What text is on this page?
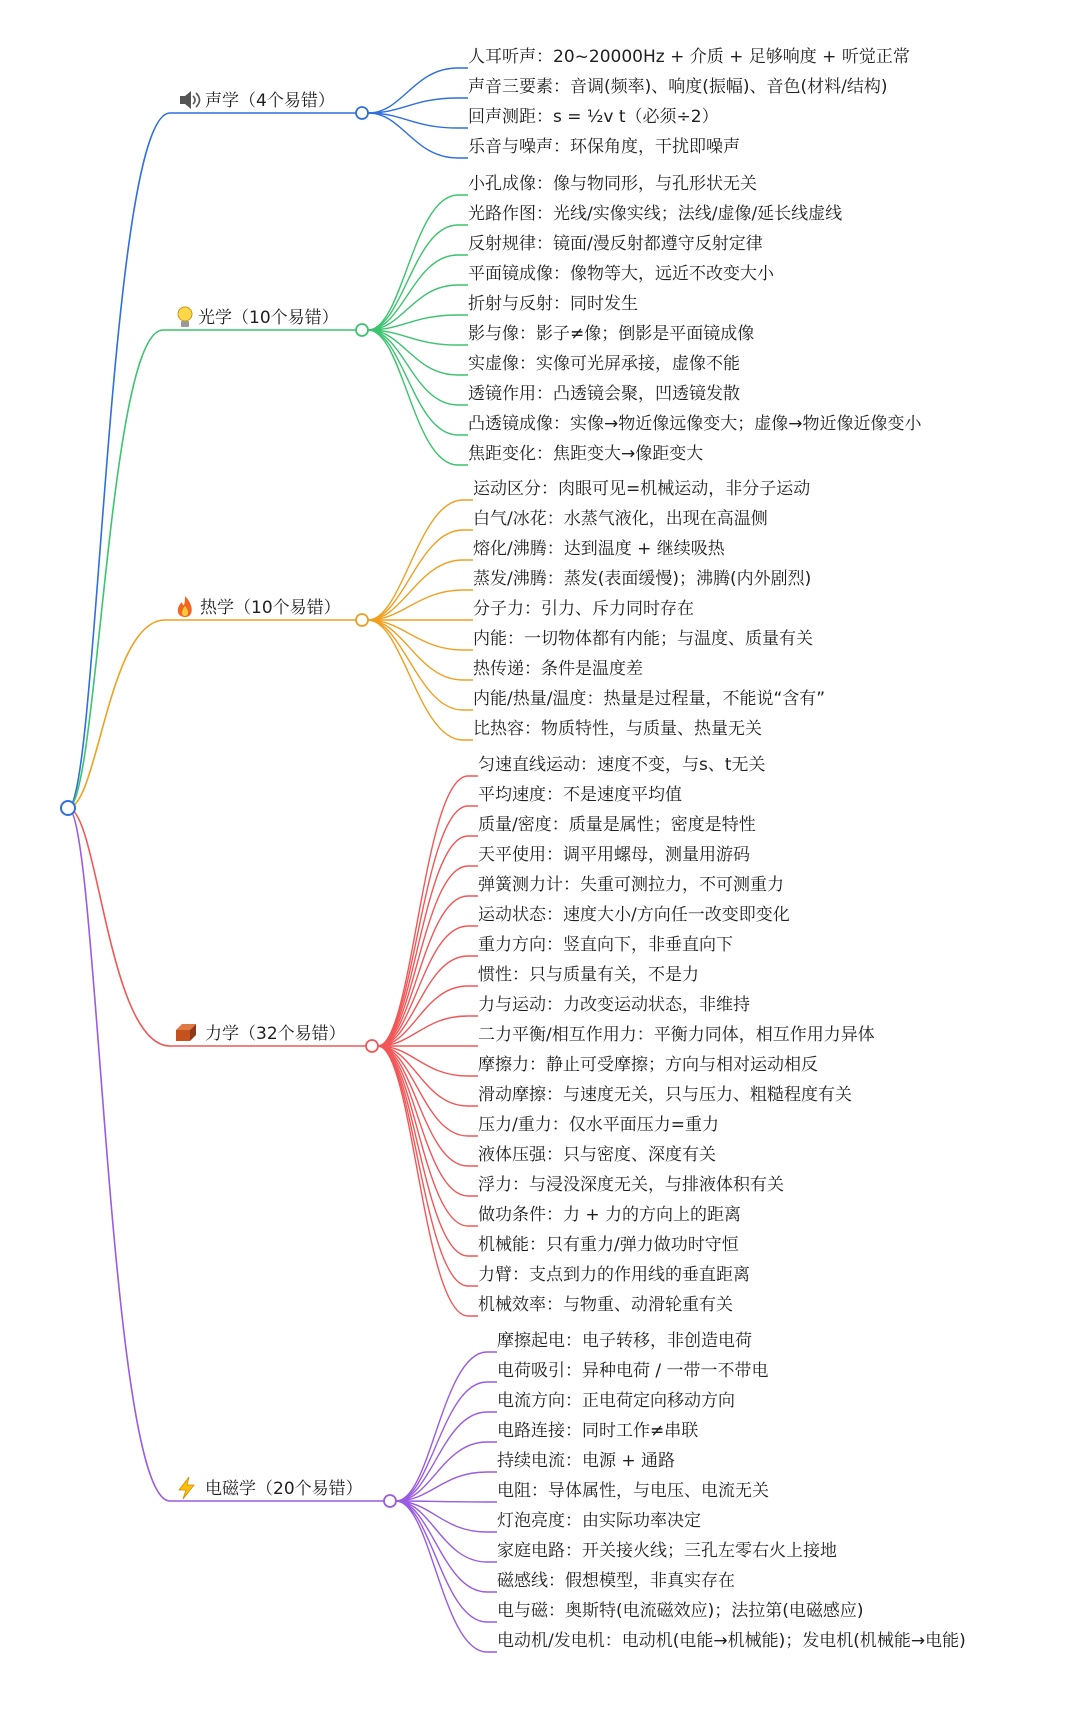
声学（4个易错）
人耳听声：20~20000Hz + 介质 + 足够响度 + 听觉正常
声音三要素：音调(频率)、响度(振幅)、音色(材料/结构)
回声测距：s = ½v t（必须÷2）
乐音与噪声：环保角度，干扰即噪声
光学（10个易错）
小孔成像：像与物同形，与孔形状无关
光路作图：光线/实像实线；法线/虚像/延长线虚线
反射规律：镜面/漫反射都遵守反射定律
平面镜成像：像物等大，远近不改变大小
折射与反射：同时发生
影与像：影子≠像；倒影是平面镜成像
实虚像：实像可光屏承接，虚像不能
透镜作用：凸透镜会聚，凹透镜发散
凸透镜成像：实像→物近像远像变大；虚像→物近像近像变小
焦距变化：焦距变大→像距变大
热学（10个易错）
运动区分：肉眼可见=机械运动，非分子运动
白气/冰花：水蒸气液化，出现在高温侧
熔化/沸腾：达到温度 + 继续吸热
蒸发/沸腾：蒸发(表面缓慢)；沸腾(内外剧烈)
分子力：引力、斥力同时存在
内能：一切物体都有内能；与温度、质量有关
热传递：条件是温度差
内能/热量/温度：热量是过程量，不能说“含有”
比热容：物质特性，与质量、热量无关
力学（32个易错）
匀速直线运动：速度不变，与s、t无关
平均速度：不是速度平均值
质量/密度：质量是属性；密度是特性
天平使用：调平用螺母，测量用游码
弹簧测力计：失重可测拉力，不可测重力
运动状态：速度大小/方向任一改变即变化
重力方向：竖直向下，非垂直向下
惯性：只与质量有关，不是力
力与运动：力改变运动状态，非维持
二力平衡/相互作用力：平衡力同体，相互作用力异体
摩擦力：静止可受摩擦；方向与相对运动相反
滑动摩擦：与速度无关，只与压力、粗糙程度有关
压力/重力：仅水平面压力=重力
液体压强：只与密度、深度有关
浮力：与浸没深度无关，与排液体积有关
做功条件：力 + 力的方向上的距离
机械能：只有重力/弹力做功时守恒
力臂：支点到力的作用线的垂直距离
机械效率：与物重、动滑轮重有关
电磁学（20个易错）
摩擦起电：电子转移，非创造电荷
电荷吸引：异种电荷 / 一带一不带电
电流方向：正电荷定向移动方向
电路连接：同时工作≠串联
持续电流：电源 + 通路
电阻：导体属性，与电压、电流无关
灯泡亮度：由实际功率决定
家庭电路：开关接火线；三孔左零右火上接地
磁感线：假想模型，非真实存在
电与磁：奥斯特(电流磁效应)；法拉第(电磁感应)
电动机/发电机：电动机(电能→机械能)；发电机(机械能→电能)
